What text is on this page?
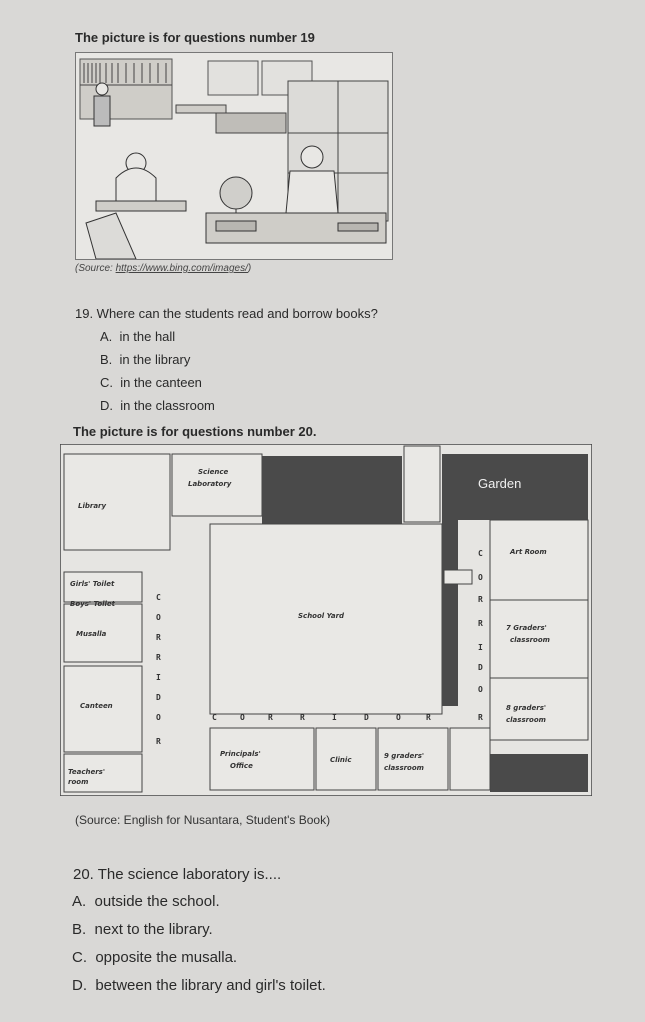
The picture is for questions number 19
(Source: https://www.bing.com/images/)
19. Where can the students read and borrow books?
A. in the hall
B. in the library
C. in the canteen
D. in the classroom
The picture is for questions number 20.
Library
Science
Laboratory	Garden
Girls' Toilet
Boys' Toilet
Musalla
Canteen
Teachers'
room
School Yard
Art Room
7 Graders'
classroom
8 graders'
classroom
Principals'
Office
Clinic	9 graders'
classroom
C
O
R
R
I
D
O
R
C	O	R	R	I	D	O	R
C
O
R
R
I
D
O
R
(Source: English for Nusantara, Student's Book)
20. The science laboratory is....
A. outside the school.
B. next to the library.
C. opposite the musalla.
D. between the library and girl's toilet.
